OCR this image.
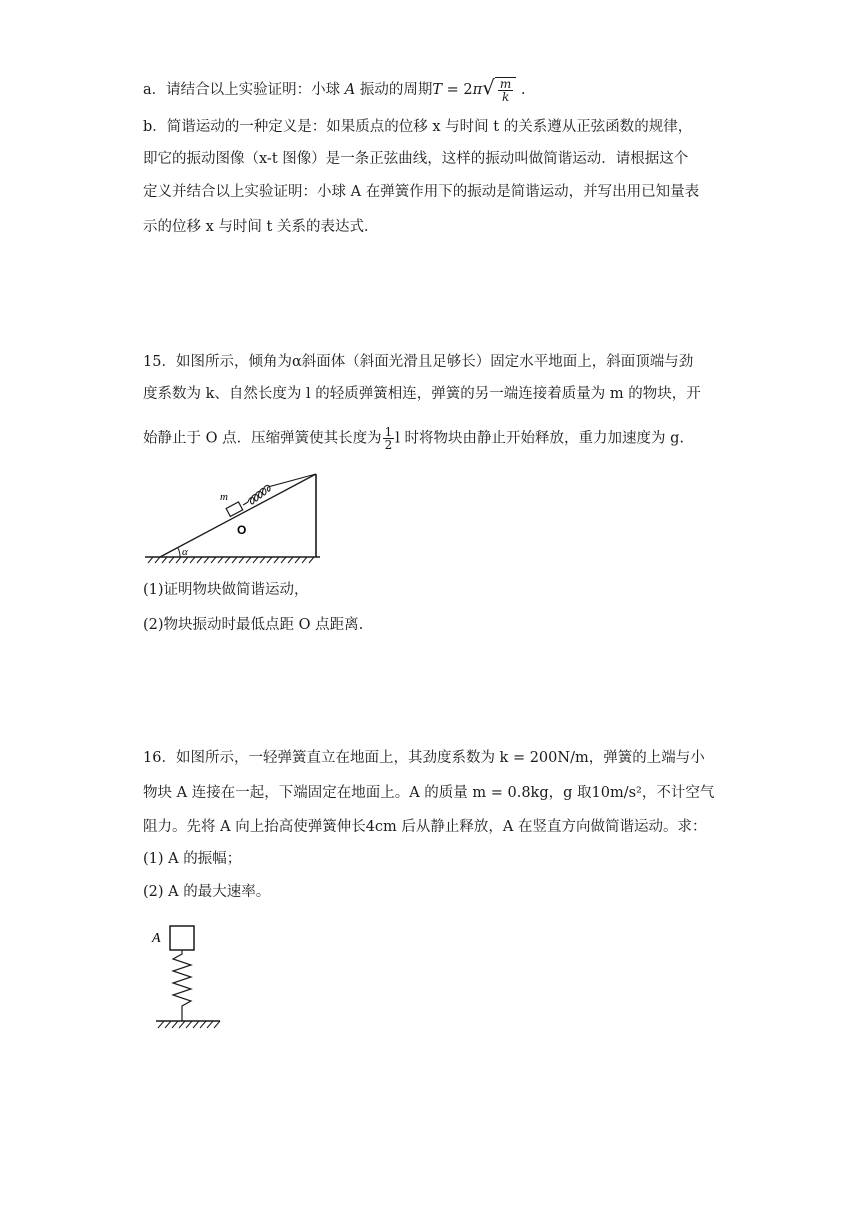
a．请结合以上实验证明：小球 A 振动的周期$T = 2\pi√ \frac{m}{k}$ .
b．简谐运动的一种定义是：如果质点的位移 x 与时间 t 的关系遵从正弦函数的规律，
即它的振动图像（x-t 图像）是一条正弦曲线，这样的振动叫做简谐运动．请根据这个
定义并结合以上实验证明：小球 A 在弹簧作用下的振动是简谐运动，并写出用已知量表
示的位移 x 与时间 t 关系的表达式．
15．如图所示，倾角为α斜面体（斜面光滑且足够长）固定水平地面上，斜面顶端与劲
度系数为 k、自然长度为 l 的轻质弹簧相连，弹簧的另一端连接着质量为 m 的物块，开
始静止于 O 点．压缩弹簧使其长度为 $\frac{1}{2}$ l 时将物块由静止开始释放，重力加速度为 g.
m
O
α
(1)证明物块做简谐运动，
(2)物块振动时最低点距 O 点距离.
16．如图所示，一轻弹簧直立在地面上，其劲度系数为 k = 200N/m，弹簧的上端与小
物块 A 连接在一起，下端固定在地面上。A 的质量 m = 0.8kg，g 取10m/s²，不计空气
阻力。先将 A 向上抬高使弹簧伸长4cm 后从静止释放，A 在竖直方向做简谐运动。求：
(1) A 的振幅；
(2) A 的最大速率。
A
